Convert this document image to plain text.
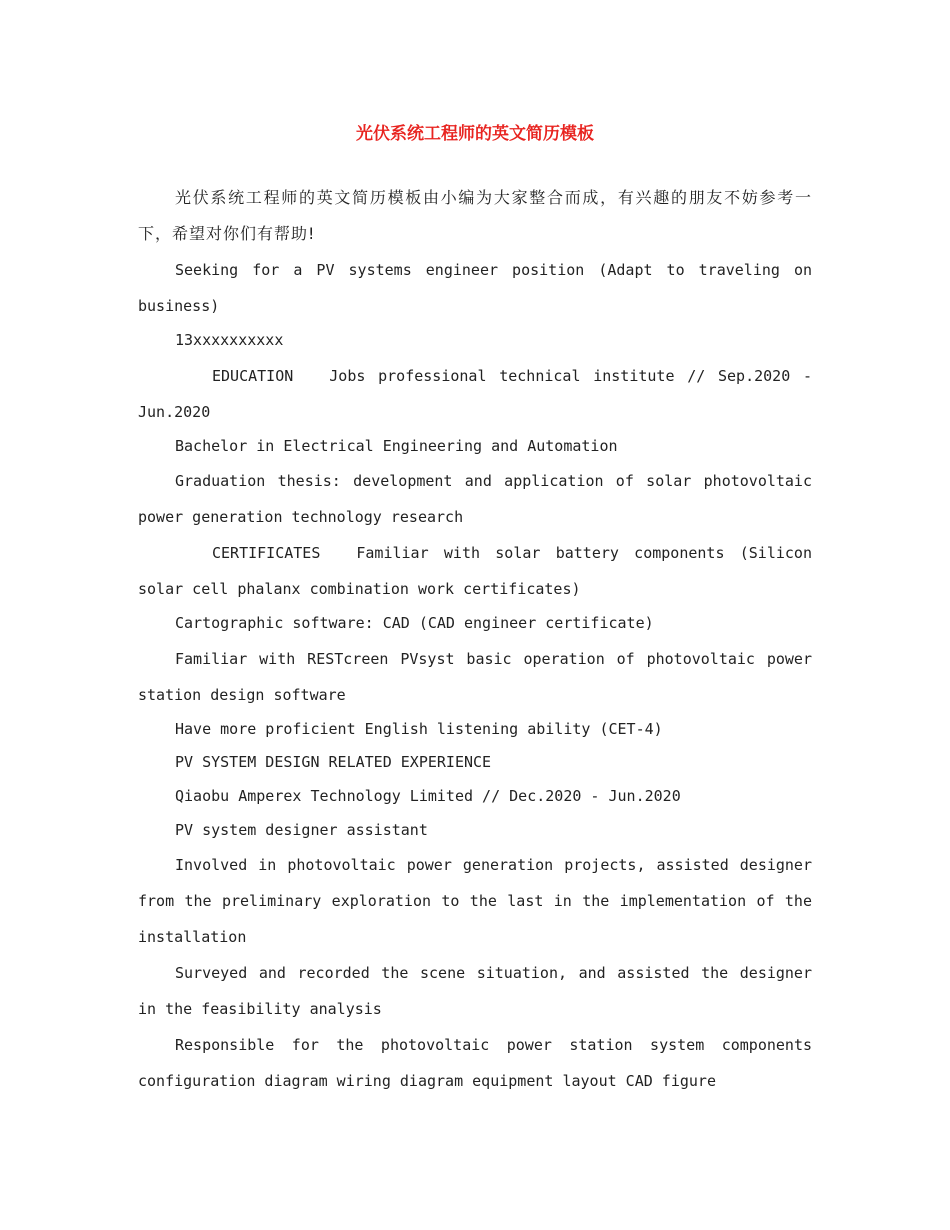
光伏系统工程师的英文简历模板

光伏系统工程师的英文简历模板由小编为大家整合而成，有兴趣的朋友不妨参考一下，希望对你们有帮助!

Seeking for a PV systems engineer position (Adapt to traveling on business)

13xxxxxxxxxx

EDUCATION Jobs professional technical institute // Sep.2020 - Jun.2020

Bachelor in Electrical Engineering and Automation

Graduation thesis: development and application of solar photovoltaic power generation technology research

CERTIFICATES Familiar with solar battery components (Silicon solar cell phalanx combination work certificates)

Cartographic software: CAD (CAD engineer certificate)

Familiar with RESTcreen PVsyst basic operation of photovoltaic power station design software

Have more proficient English listening ability (CET-4)

PV SYSTEM DESIGN RELATED EXPERIENCE

Qiaobu Amperex Technology Limited // Dec.2020 - Jun.2020

PV system designer assistant

Involved in photovoltaic power generation projects, assisted designer from the preliminary exploration to the last in the implementation of the installation

Surveyed and recorded the scene situation, and assisted the designer in the feasibility analysis

Responsible for the photovoltaic power station system components configuration diagram wiring diagram equipment layout CAD figure
